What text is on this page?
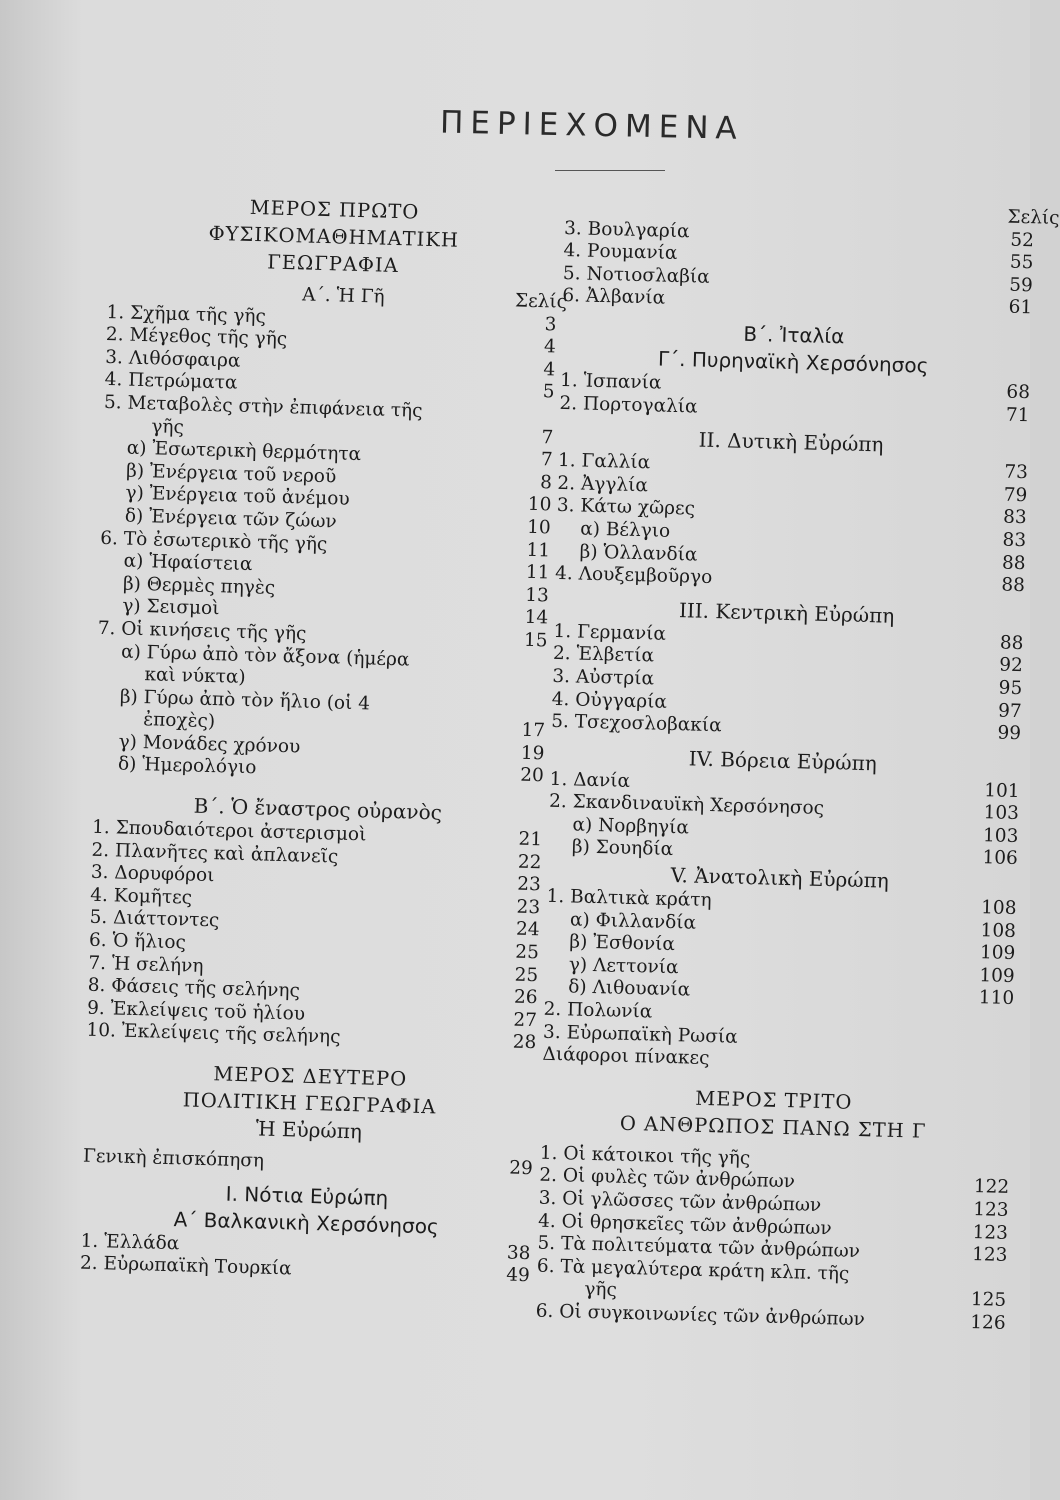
ΠΕΡΙΕΧΟΜΕΝΑ
ΜΕΡΟΣ ΠΡΩΤΟ
ΦΥΣΙΚΟΜΑΘΗΜΑΤΙΚΗ
ΓΕΩΓΡΑΦΙΑ
Α΄. Ἡ Γῆ	Σελίς
1. Σχῆμα τῆς γῆς	3
2. Μέγεθος τῆς γῆς	4
3. Λιθόσφαιρα	4
4. Πετρώματα	5
5. Μεταβολὲς στὴν ἐπιφάνεια τῆς
γῆς	7
α) Ἐσωτερικὴ θερμότητα	7
β) Ἐνέργεια τοῦ νεροῦ	8
γ) Ἐνέργεια τοῦ ἀνέμου	10
δ) Ἐνέργεια τῶν ζώων	10
6. Τὸ ἐσωτερικὸ τῆς γῆς	11
α) Ἡφαίστεια	11
β) Θερμὲς πηγὲς	13
γ) Σεισμοὶ	14
7. Οἱ κινήσεις τῆς γῆς	15
α) Γύρω ἀπὸ τὸν ἄξονα (ἡμέρα
καὶ νύκτα)
β) Γύρω ἀπὸ τὸν ἥλιο (οἱ 4
ἐποχὲς)	17
γ) Μονάδες χρόνου	19
δ) Ἡμερολόγιο	20
Β΄. Ὁ ἔναστρος οὐρανὸς
1. Σπουδαιότεροι ἀστερισμοὶ	21
2. Πλανῆτες καὶ ἀπλανεῖς	22
3. Δορυφόροι	23
4. Κομῆτες	23
5. Διάττοντες	24
6. Ὁ ἥλιος	25
7. Ἡ σελήνη	25
8. Φάσεις τῆς σελήνης	26
9. Ἐκλείψεις τοῦ ἡλίου	27
10. Ἐκλείψεις τῆς σελήνης	28
ΜΕΡΟΣ ΔΕΥΤΕΡΟ
ΠΟΛΙΤΙΚΗ ΓΕΩΓΡΑΦΙΑ
Ἡ Εὐρώπη
Γενικὴ ἐπισκόπηση	29
Ι. Νότια Εὐρώπη
Α΄ Βαλκανικὴ Χερσόνησος
1. Ἑλλάδα	38
2. Εὐρωπαϊκὴ Τουρκία	49
Σελίς
3. Βουλγαρία	52
4. Ρουμανία	55
5. Νοτιοσλαβία	59
6. Ἀλβανία	61
Β΄. Ἰταλία
Γ΄. Πυρηναϊκὴ Χερσόνησος
1. Ἱσπανία	68
2. Πορτογαλία	71
ΙΙ. Δυτικὴ Εὐρώπη
1. Γαλλία	73
2. Ἀγγλία	79
3. Κάτω χῶρες	83
α) Βέλγιο	83
β) Ὁλλανδία	88
4. Λουξεμβοῦργο	88
ΙΙΙ. Κεντρικὴ Εὐρώπη
1. Γερμανία	88
2. Ἑλβετία	92
3. Αὐστρία	95
4. Οὐγγαρία	97
5. Τσεχοσλοβακία	99
ΙV. Βόρεια Εὐρώπη
1. Δανία	101
2. Σκανδιναυϊκὴ Χερσόνησος	103
α) Νορβηγία	103
β) Σουηδία	106
V. Ἀνατολικὴ Εὐρώπη
1. Βαλτικὰ κράτη	108
α) Φιλλανδία	108
β) Ἐσθονία	109
γ) Λεττονία	109
δ) Λιθουανία	110
2. Πολωνία
3. Εὐρωπαϊκὴ Ρωσία
Διάφοροι πίνακες
ΜΕΡΟΣ ΤΡΙΤΟ
Ο ΑΝΘΡΩΠΟΣ ΠΑΝΩ ΣΤΗ Γ
1. Οἱ κάτοικοι τῆς γῆς
2. Οἱ φυλὲς τῶν ἀνθρώπων	122
3. Οἱ γλῶσσες τῶν ἀνθρώπων	123
4. Οἱ θρησκεῖες τῶν ἀνθρώπων	123
5. Τὰ πολιτεύματα τῶν ἀνθρώπων	123
6. Τὰ μεγαλύτερα κράτη κλπ. τῆς
γῆς	125
6. Οἱ συγκοινωνίες τῶν ἀνθρώπων	126
